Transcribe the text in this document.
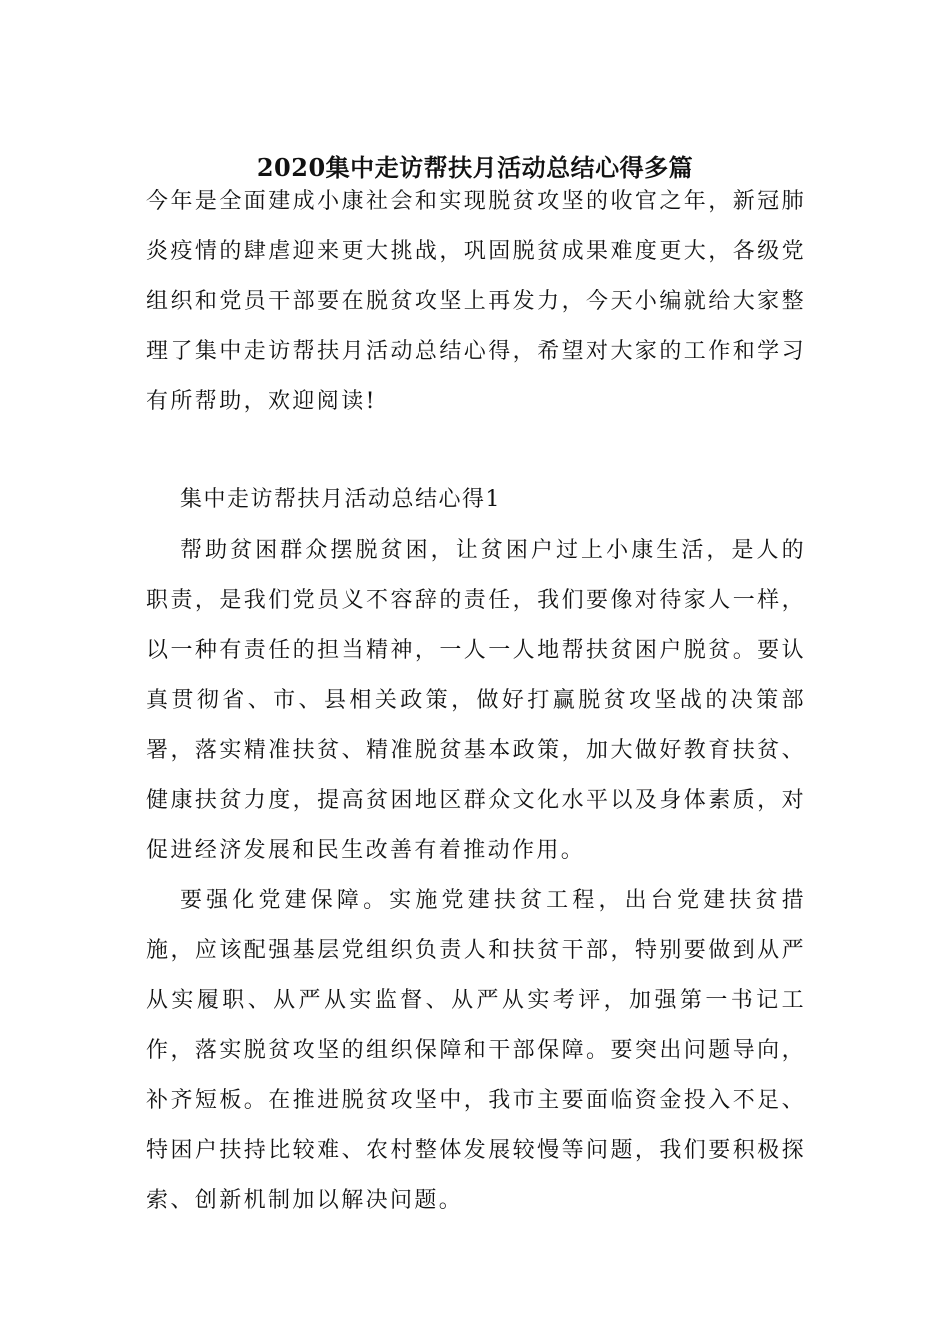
2020集中走访帮扶月活动总结心得多篇

今年是全面建成小康社会和实现脱贫攻坚的收官之年，新冠肺炎疫情的肆虐迎来更大挑战，巩固脱贫成果难度更大，各级党组织和党员干部要在脱贫攻坚上再发力，今天小编就给大家整理了集中走访帮扶月活动总结心得，希望对大家的工作和学习有所帮助，欢迎阅读!

集中走访帮扶月活动总结心得1

帮助贫困群众摆脱贫困，让贫困户过上小康生活，是人的职责，是我们党员义不容辞的责任，我们要像对待家人一样，以一种有责任的担当精神，一人一人地帮扶贫困户脱贫。要认真贯彻省、市、县相关政策，做好打赢脱贫攻坚战的决策部署，落实精准扶贫、精准脱贫基本政策，加大做好教育扶贫、健康扶贫力度，提高贫困地区群众文化水平以及身体素质，对促进经济发展和民生改善有着推动作用。

要强化党建保障。实施党建扶贫工程，出台党建扶贫措施，应该配强基层党组织负责人和扶贫干部，特别要做到从严从实履职、从严从实监督、从严从实考评，加强第一书记工作，落实脱贫攻坚的组织保障和干部保障。要突出问题导向，补齐短板。在推进脱贫攻坚中，我市主要面临资金投入不足、特困户扶持比较难、农村整体发展较慢等问题，我们要积极探索、创新机制加以解决问题。
